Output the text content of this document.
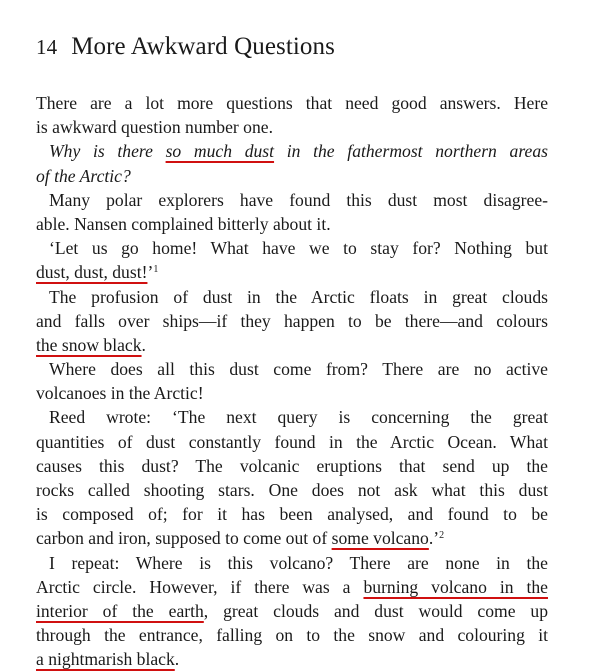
14 More Awkward Questions
There are a lot more questions that need good answers. Here
is awkward question number one.
Why is there so much dust in the fathermost northern areas
of the Arctic?
Many polar explorers have found this dust most disagree-
able. Nansen complained bitterly about it.
‘Let us go home! What have we to stay for? Nothing but
dust, dust, dust!’$^1$
The profusion of dust in the Arctic floats in great clouds
and falls over ships—if they happen to be there—and colours
the snow black.
Where does all this dust come from? There are no active
volcanoes in the Arctic!
Reed wrote: ‘The next query is concerning the great
quantities of dust constantly found in the Arctic Ocean. What
causes this dust? The volcanic eruptions that send up the
rocks called shooting stars. One does not ask what this dust
is composed of; for it has been analysed, and found to be
carbon and iron, supposed to come out of some volcano.’$^2$
I repeat: Where is this volcano? There are none in the
Arctic circle. However, if there was a burning volcano in the
interior of the earth, great clouds and dust would come up
through the entrance, falling on to the snow and colouring it
a nightmarish black.
